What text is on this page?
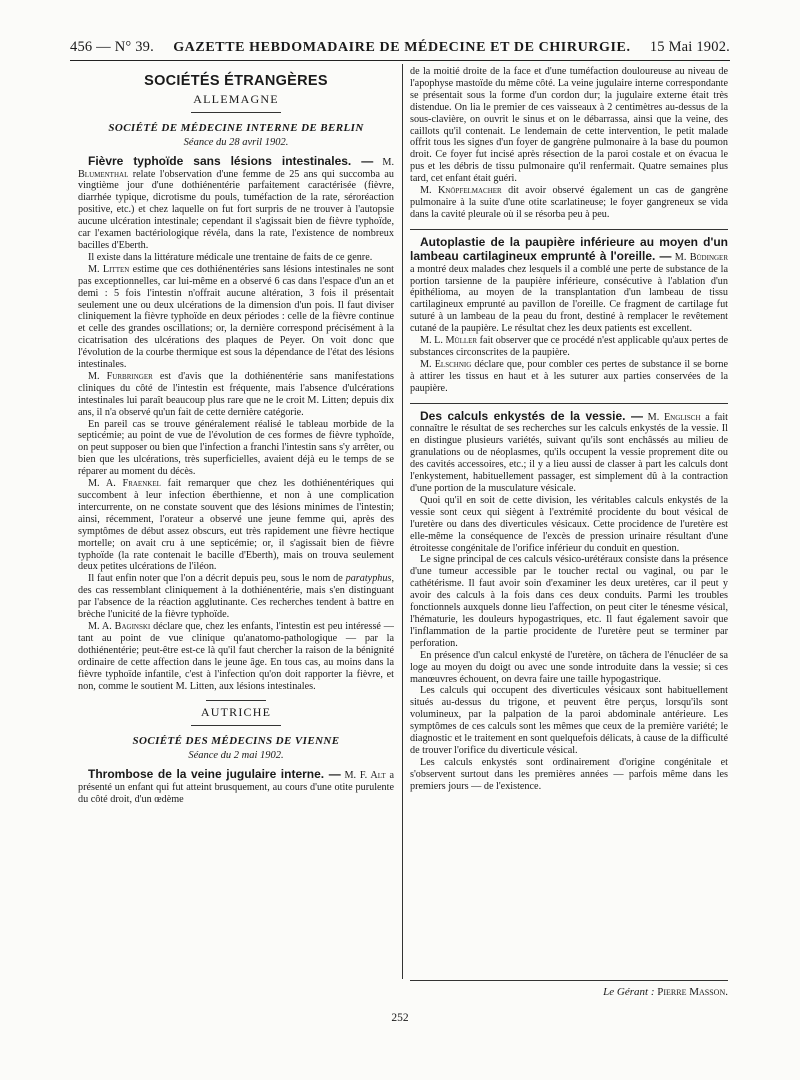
456 — N° 39. GAZETTE HEBDOMADAIRE DE MÉDECINE ET DE CHIRURGIE. 15 Mai 1902.
SOCIÉTÉS ÉTRANGÈRES
ALLEMAGNE
SOCIÉTÉ DE MÉDECINE INTERNE DE BERLIN
Séance du 28 avril 1902.

Fièvre typhoïde sans lésions intestinales. — M. Blumenthal relate l'observation d'une femme de 25 ans qui succomba au vingtième jour d'une dothiénentérie parfaitement caractérisée (fièvre, diarrhée typique, dicrotisme du pouls, tuméfaction de la rate, séroréaction positive, etc.) et chez laquelle on fut fort surpris de ne trouver à l'autopsie aucune ulcération intestinale; cependant il s'agissait bien de fièvre typhoïde, car l'examen bactériologique révéla, dans la rate, l'existence de nombreux bacilles d'Eberth.

Il existe dans la littérature médicale une trentaine de faits de ce genre.

M. Litten estime que ces dothiénentéries sans lésions intestinales ne sont pas exceptionnelles, car lui-même en a observé 6 cas dans l'espace d'un an et demi : 5 fois l'intestin n'offrait aucune altération, 3 fois il présentait seulement une ou deux ulcérations de la dimension d'un pois. Il faut diviser cliniquement la fièvre typhoïde en deux périodes : celle de la fièvre continue et celle des grandes oscillations; or, la dernière correspond précisément à la cicatrisation des ulcérations des plaques de Peyer. On voit donc que l'évolution de la courbe thermique est sous la dépendance de l'état des lésions intestinales.

M. Furbringer est d'avis que la dothiénentérie sans manifestations cliniques du côté de l'intestin est fréquente, mais l'absence d'ulcérations intestinales lui paraît beaucoup plus rare que ne le croit M. Litten; depuis dix ans, il n'a observé qu'un fait de cette dernière catégorie.

En pareil cas se trouve généralement réalisé le tableau morbide de la septicémie; au point de vue de l'évolution de ces formes de fièvre typhoïde, on peut supposer ou bien que l'infection a franchi l'intestin sans s'y arrêter, ou bien que les ulcérations, très superficielles, avaient déjà eu le temps de se réparer au moment du décès.

M. A. Fraenkel fait remarquer que chez les dothiénentériques qui succombent à leur infection éberthienne, et non à une complication intercurrente, on ne constate souvent que des lésions minimes de l'intestin; ainsi, récemment, l'orateur a observé une jeune femme qui, après des symptômes de début assez obscurs, eut très rapidement une fièvre hectique mortelle; on avait cru à une septicémie; or, il s'agissait bien de fièvre typhoïde (la rate contenait le bacille d'Eberth), mais on trouva seulement deux petites ulcérations de l'iléon.

Il faut enfin noter que l'on a décrit depuis peu, sous le nom de paratyphus, des cas ressemblant cliniquement à la dothiénentérie, mais s'en distinguant par l'absence de la réaction agglutinante. Ces recherches tendent à battre en brèche l'unicité de la fièvre typhoïde.

M. A. Baginski déclare que, chez les enfants, l'intestin est peu intéressé — tant au point de vue clinique qu'anatomo-pathologique — par la dothiénentérie; peut-être est-ce là qu'il faut chercher la raison de la bénignité ordinaire de cette affection dans le jeune âge. En tous cas, au moins dans la fièvre typhoïde infantile, c'est à l'infection qu'on doit rapporter la fièvre, et non, comme le soutient M. Litten, aux lésions intestinales.

AUTRICHE
SOCIÉTÉ DES MÉDECINS DE VIENNE
Séance du 2 mai 1902.

Thrombose de la veine jugulaire interne. — M. F. Alt a présenté un enfant qui fut atteint brusquement, au cours d'une otite purulente du côté droit, d'un œdème

de la moitié droite de la face et d'une tuméfaction douloureuse au niveau de l'apophyse mastoïde du même côté. La veine jugulaire interne correspondante se présentait sous la forme d'un cordon dur; la jugulaire externe était très distendue. On lia le premier de ces vaisseaux à 2 centimètres au-dessus de la sous-clavière, on ouvrit le sinus et on le débarrassa, ainsi que la veine, des caillots qu'il contenait. Le lendemain de cette intervention, le petit malade offrit tous les signes d'un foyer de gangrène pulmonaire à la base du poumon droit. Ce foyer fut incisé après résection de la paroi costale et on évacua le pus et les débris de tissu pulmonaire qu'il renfermait. Quatre semaines plus tard, cet enfant était guéri.

M. Knöpfelmacher dit avoir observé également un cas de gangrène pulmonaire à la suite d'une otite scarlatineuse; le foyer gangreneux se vida dans la cavité pleurale où il se résorba peu à peu.

Autoplastie de la paupière inférieure au moyen d'un lambeau cartilagineux emprunté à l'oreille. — M. Büdinger a montré deux malades chez lesquels il a comblé une perte de substance de la portion tarsienne de la paupière inférieure, consécutive à l'ablation d'un épithélioma, au moyen de la transplantation d'un lambeau de tissu cartilagineux emprunté au pavillon de l'oreille. Ce fragment de cartilage fut suturé à un lambeau de la peau du front, destiné à remplacer le revêtement cutané de la paupière. Le résultat chez les deux patients est excellent.

M. L. Müller fait observer que ce procédé n'est applicable qu'aux pertes de substances circonscrites de la paupière.

M. Elschnig déclare que, pour combler ces pertes de substance il se borne à attirer les tissus en haut et à les suturer aux parties conservées de la paupière.

Des calculs enkystés de la vessie. — M. Englisch a fait connaître le résultat de ses recherches sur les calculs enkystés de la vessie. Il en distingue plusieurs variétés, suivant qu'ils sont enchâssés au milieu de granulations ou de néoplasmes, qu'ils occupent la vessie proprement dite ou des cavités accessoires, etc.; il y a lieu aussi de classer à part les calculs dont l'enkystement, habituellement passager, est simplement dû à la contraction d'une portion de la musculature vésicale.

Quoi qu'il en soit de cette division, les véritables calculs enkystés de la vessie sont ceux qui siègent à l'extrémité procidente du bout vésical de l'uretère ou dans des diverticules vésicaux. Cette procidence de l'uretère est elle-même la conséquence de l'excès de pression urinaire résultant d'une étroitesse congénitale de l'orifice inférieur du conduit en question.

Le signe principal de ces calculs vésico-urétéraux consiste dans la présence d'une tumeur accessible par le toucher rectal ou vaginal, ou par le cathétérisme. Il faut avoir soin d'examiner les deux uretères, car il peut y avoir des calculs à la fois dans ces deux conduits. Parmi les troubles fonctionnels auxquels donne lieu l'affection, on peut citer le ténesme vésical, l'hématurie, les douleurs hypogastriques, etc. Il faut également savoir que l'inflammation de la partie procidente de l'uretère peut se terminer par perforation.

En présence d'un calcul enkysté de l'uretère, on tâchera de l'énucléer de sa loge au moyen du doigt ou avec une sonde introduite dans la vessie; si ces manœuvres échouent, on devra faire une taille hypogastrique.

Les calculs qui occupent des diverticules vésicaux sont habituellement situés au-dessus du trigone, et peuvent être perçus, lorsqu'ils sont volumineux, par la palpation de la paroi abdominale antérieure. Les symptômes de ces calculs sont les mêmes que ceux de la première variété; le diagnostic et le traitement en sont quelquefois délicats, à cause de la difficulté de trouver l'orifice du diverticule vésical.

Les calculs enkystés sont ordinairement d'origine congénitale et s'observent surtout dans les premières années — parfois même dans les premiers jours — de l'existence.

Le Gérant : Pierre Masson.
252
